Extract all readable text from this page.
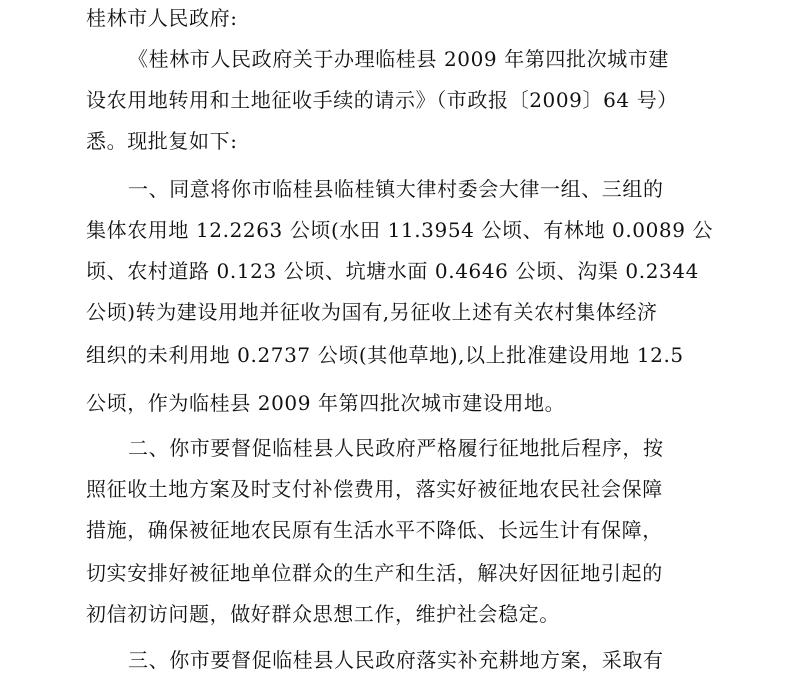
桂林市人民政府:
《桂林市人民政府关于办理临桂县 2009 年第四批次城市建
设农用地转用和土地征收手续的请示》（市政报〔2009〕64 号）
悉。现批复如下:
一、同意将你市临桂县临桂镇大律村委会大律一组、三组的
集体农用地 12.2263 公顷(水田 11.3954 公顷、有林地 0.0089 公
顷、农村道路 0.123 公顷、坑塘水面 0.4646 公顷、沟渠 0.2344
公顷)转为建设用地并征收为国有,另征收上述有关农村集体经济
组织的未利用地 0.2737 公顷(其他草地),以上批准建设用地 12.5
公顷，作为临桂县 2009 年第四批次城市建设用地。
二、你市要督促临桂县人民政府严格履行征地批后程序，按
照征收土地方案及时支付补偿费用，落实好被征地农民社会保障
措施，确保被征地农民原有生活水平不降低、长远生计有保障，
切实安排好被征地单位群众的生产和生活，解决好因征地引起的
初信初访问题，做好群众思想工作，维护社会稳定。
三、你市要督促临桂县人民政府落实补充耕地方案，采取有
